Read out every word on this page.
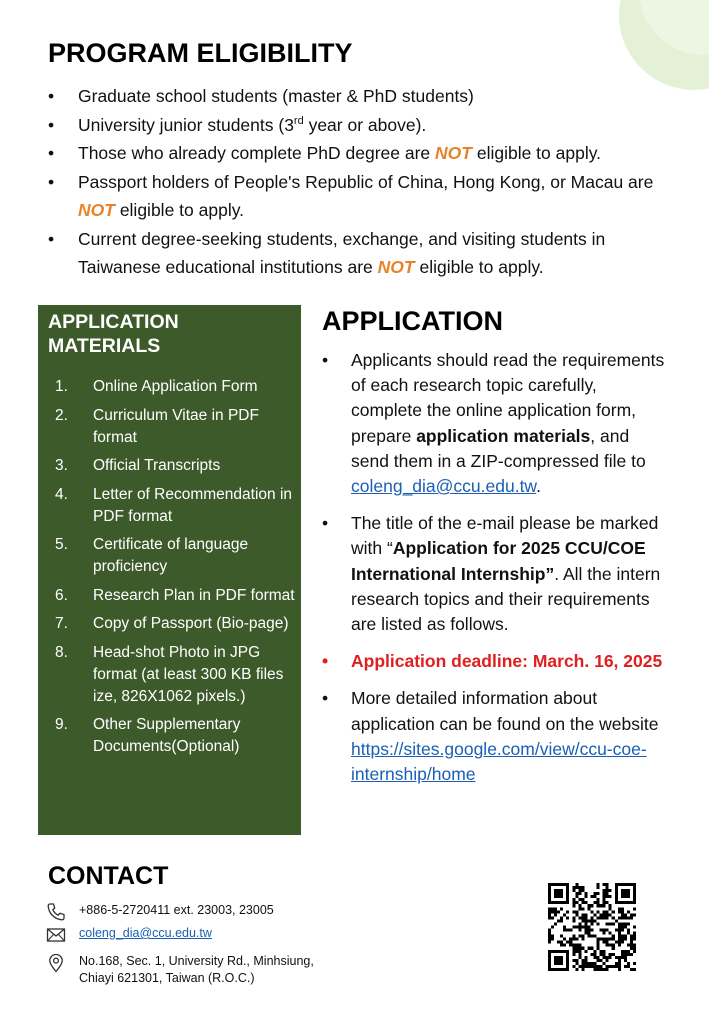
PROGRAM ELIGIBILITY
• Graduate school students (master & PhD students)
• University junior students (3rd year or above).
• Those who already complete PhD degree are NOT eligible to apply.
• Passport holders of People's Republic of China, Hong Kong, or Macau are NOT eligible to apply.
• Current degree-seeking students, exchange, and visiting students in Taiwanese educational institutions are NOT eligible to apply.
APPLICATION MATERIALS
1. Online Application Form
2. Curriculum Vitae in PDF format
3. Official Transcripts
4. Letter of Recommendation in PDF format
5. Certificate of language proficiency
6. Research Plan in PDF format
7. Copy of Passport (Bio-page)
8. Head-shot Photo in JPG format (at least 300 KB files ize, 826X1062 pixels.)
9. Other Supplementary Documents(Optional)
APPLICATION
• Applicants should read the requirements of each research topic carefully, complete the online application form, prepare application materials, and send them in a ZIP-compressed file to coleng_dia@ccu.edu.tw.
• The title of the e-mail please be marked with “Application for 2025 CCU/COE International Internship”. All the intern research topics and their requirements are listed as follows.
• Application deadline: March. 16, 2025
• More detailed information about application can be found on the website https://sites.google.com/view/ccu-coe-internship/home
CONTACT
+886-5-2720411 ext. 23003, 23005
coleng_dia@ccu.edu.tw
No.168, Sec. 1, University Rd., Minhsiung,
Chiayi 621301, Taiwan (R.O.C.)
